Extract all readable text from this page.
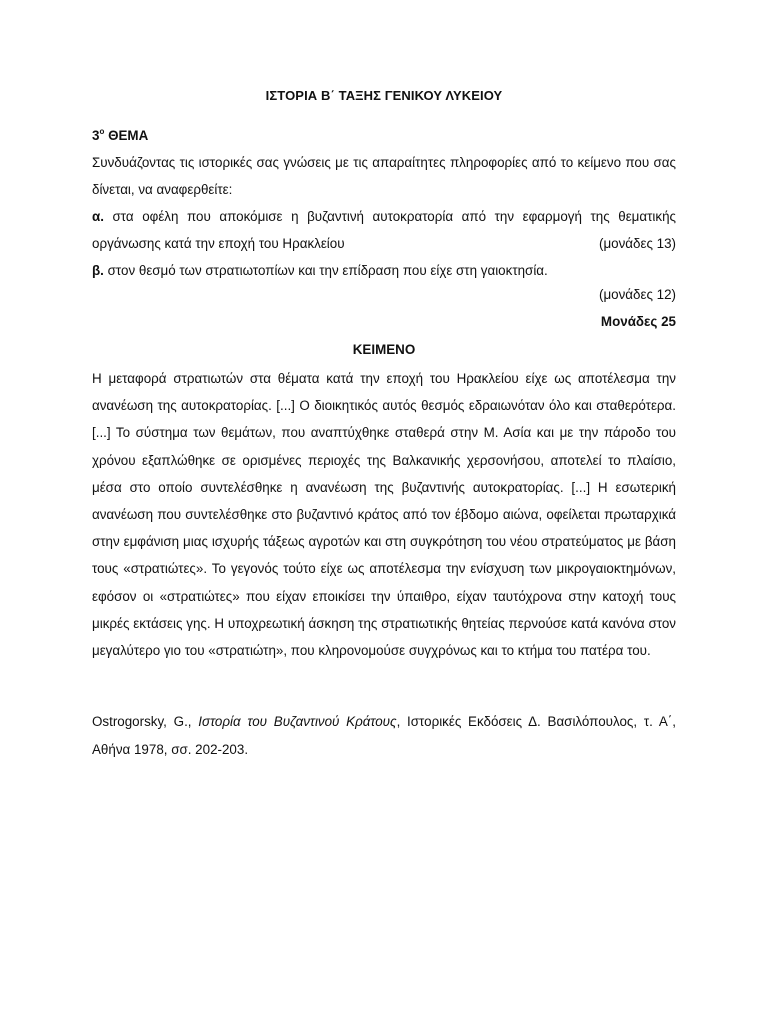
ΙΣΤΟΡΙΑ Β΄ ΤΑΞΗΣ ΓΕΝΙΚΟΥ ΛΥΚΕΙΟΥ
$3^o$ ΘΕΜΑ
Συνδυάζοντας τις ιστορικές σας γνώσεις με τις απαραίτητες πληροφορίες από το κείμενο που σας δίνεται, να αναφερθείτε:
α. στα οφέλη που αποκόμισε η βυζαντινή αυτοκρατορία από την εφαρμογή της θεματικής οργάνωσης κατά την εποχή του Ηρακλείου	(μονάδες 13)
β. στον θεσμό των στρατιωτοπίων και την επίδραση που είχε στη γαιοκτησία.
(μονάδες 12)
Μονάδες 25
ΚΕΙΜΕΝΟ
Η μεταφορά στρατιωτών στα θέματα κατά την εποχή του Ηρακλείου είχε ως αποτέλεσμα την ανανέωση της αυτοκρατορίας. [...] Ο διοικητικός αυτός θεσμός εδραιωνόταν όλο και σταθερότερα. [...] Το σύστημα των θεμάτων, που αναπτύχθηκε σταθερά στην Μ. Ασία και με την πάροδο του χρόνου εξαπλώθηκε σε ορισμένες περιοχές της Βαλκανικής χερσονήσου, αποτελεί το πλαίσιο, μέσα στο οποίο συντελέσθηκε η ανανέωση της βυζαντινής αυτοκρατορίας. [...] Η εσωτερική ανανέωση που συντελέσθηκε στο βυζαντινό κράτος από τον έβδομο αιώνα, οφείλεται πρωταρχικά στην εμφάνιση μιας ισχυρής τάξεως αγροτών και στη συγκρότηση του νέου στρατεύματος με βάση τους «στρατιώτες». Το γεγονός τούτο είχε ως αποτέλεσμα την ενίσχυση των μικρογαιοκτημόνων, εφόσον οι «στρατιώτες» που είχαν εποικίσει την ύπαιθρο, είχαν ταυτόχρονα στην κατοχή τους μικρές εκτάσεις γης. Η υποχρεωτική άσκηση της στρατιωτικής θητείας περνούσε κατά κανόνα στον μεγαλύτερο γιο του «στρατιώτη», που κληρονομούσε συγχρόνως και το κτήμα του πατέρα του.
Ostrogorsky, G., Ιστορία του Βυζαντινού Κράτους, Ιστορικές Εκδόσεις Δ. Βασιλόπουλος, τ. Α΄, Αθήνα 1978, σσ. 202-203.
